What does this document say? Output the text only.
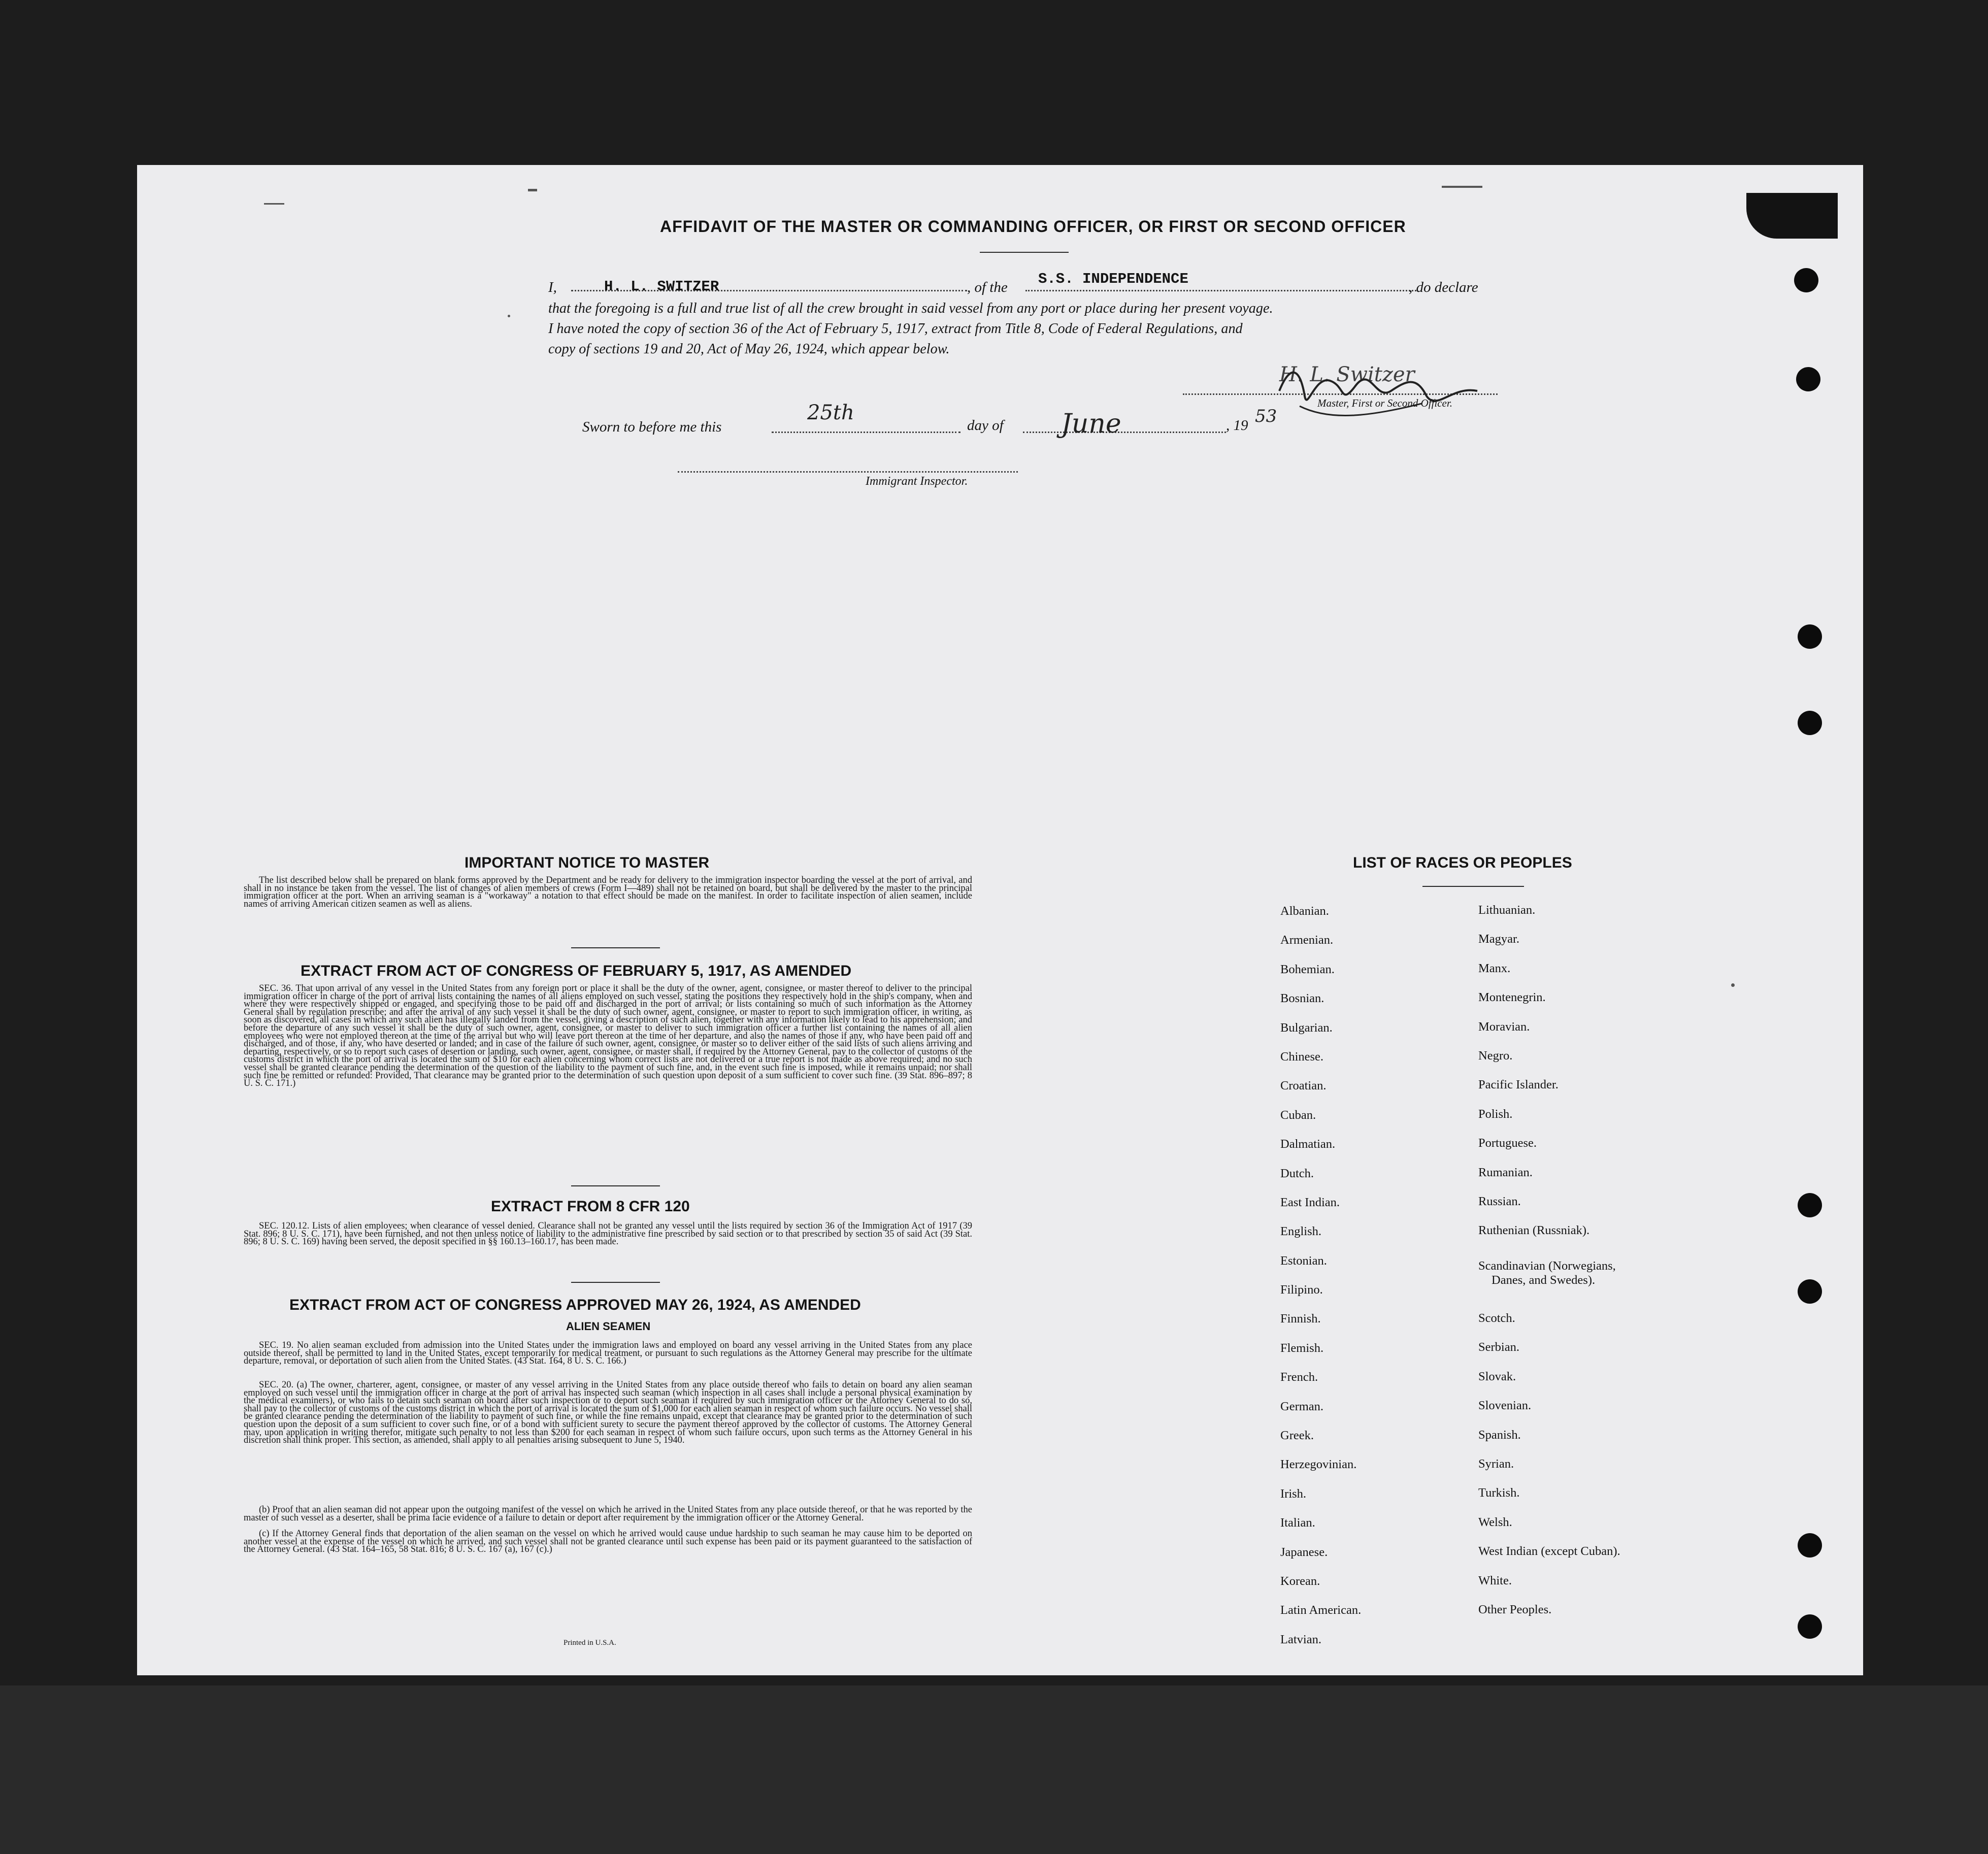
AFFIDAVIT OF THE MASTER OR COMMANDING OFFICER, OR FIRST OR SECOND OFFICER
I,	H. L. SWITZER	, of the S.S. INDEPENDENCE	, do declare
that the foregoing is a full and true list of all the crew brought in said vessel from any port or place during her present voyage.
I have noted the copy of section 36 of the Act of February 5, 1917, extract from Title 8, Code of Federal Regulations, and
copy of sections 19 and 20, Act of May 26, 1924, which appear below.
H. L. Switzer
Master, First or Second Officer.
Sworn to before me this
25th
day of June	, 19 53
Immigrant Inspector.
IMPORTANT NOTICE TO MASTER
The list described below shall be prepared on blank forms approved by the Department and be ready for delivery to the immigration inspector boarding the vessel at the port of arrival, and shall in no instance be taken from the vessel. The list of changes of alien members of crews (Form I—489) shall not be retained on board, but shall be delivered by the master to the principal immigration officer at the port. When an arriving seaman is a "workaway" a notation to that effect should be made on the manifest. In order to facilitate inspection of alien seamen, include names of arriving American citizen seamen as well as aliens.
EXTRACT FROM ACT OF CONGRESS OF FEBRUARY 5, 1917, AS AMENDED
SEC. 36. That upon arrival of any vessel in the United States from any foreign port or place it shall be the duty of the owner, agent, consignee, or master thereof to deliver to the principal immigration officer in charge of the port of arrival lists containing the names of all aliens employed on such vessel, stating the positions they respectively hold in the ship's company, when and where they were respectively shipped or engaged, and specifying those to be paid off and discharged in the port of arrival; or lists containing so much of such information as the Attorney General shall by regulation prescribe; and after the arrival of any such vessel it shall be the duty of such owner, agent, consignee, or master to report to such immigration officer, in writing, as soon as discovered, all cases in which any such alien has illegally landed from the vessel, giving a description of such alien, together with any information likely to lead to his apprehension; and before the departure of any such vessel it shall be the duty of such owner, agent, consignee, or master to deliver to such immigration officer a further list containing the names of all alien employees who were not employed thereon at the time of the arrival but who will leave port thereon at the time of her departure, and also the names of those if any, who have been paid off and discharged, and of those, if any, who have deserted or landed; and in case of the failure of such owner, agent, consignee, or master so to deliver either of the said lists of such aliens arriving and departing, respectively, or so to report such cases of desertion or landing, such owner, agent, consignee, or master shall, if required by the Attorney General, pay to the collector of customs of the customs district in which the port of arrival is located the sum of $10 for each alien concerning whom correct lists are not delivered or a true report is not made as above required; and no such vessel shall be granted clearance pending the determination of the question of the liability to the payment of such fine, and, in the event such fine is imposed, while it remains unpaid; nor shall such fine be remitted or refunded: Provided, That clearance may be granted prior to the determination of such question upon deposit of a sum sufficient to cover such fine. (39 Stat. 896–897; 8 U. S. C. 171.)
EXTRACT FROM 8 CFR 120
SEC. 120.12. Lists of alien employees; when clearance of vessel denied. Clearance shall not be granted any vessel until the lists required by section 36 of the Immigration Act of 1917 (39 Stat. 896; 8 U. S. C. 171), have been furnished, and not then unless notice of liability to the administrative fine prescribed by said section or to that prescribed by section 35 of said Act (39 Stat. 896; 8 U. S. C. 169) having been served, the deposit specified in §§ 160.13–160.17, has been made.
EXTRACT FROM ACT OF CONGRESS APPROVED MAY 26, 1924, AS AMENDED
ALIEN SEAMEN
SEC. 19. No alien seaman excluded from admission into the United States under the immigration laws and employed on board any vessel arriving in the United States from any place outside thereof, shall be permitted to land in the United States, except temporarily for medical treatment, or pursuant to such regulations as the Attorney General may prescribe for the ultimate departure, removal, or deportation of such alien from the United States. (43 Stat. 164, 8 U. S. C. 166.)
SEC. 20. (a) The owner, charterer, agent, consignee, or master of any vessel arriving in the United States from any place outside thereof who fails to detain on board any alien seaman employed on such vessel until the immigration officer in charge at the port of arrival has inspected such seaman (which inspection in all cases shall include a personal physical examination by the medical examiners), or who fails to detain such seaman on board after such inspection or to deport such seaman if required by such immigration officer or the Attorney General to do so, shall pay to the collector of customs of the customs district in which the port of arrival is located the sum of $1,000 for each alien seaman in respect of whom such failure occurs. No vessel shall be granted clearance pending the determination of the liability to payment of such fine, or while the fine remains unpaid, except that clearance may be granted prior to the determination of such question upon the deposit of a sum sufficient to cover such fine, or of a bond with sufficient surety to secure the payment thereof approved by the collector of customs. The Attorney General may, upon application in writing therefor, mitigate such penalty to not less than $200 for each seaman in respect of whom such failure occurs, upon such terms as the Attorney General in his discretion shall think proper. This section, as amended, shall apply to all penalties arising subsequent to June 5, 1940.
(b) Proof that an alien seaman did not appear upon the outgoing manifest of the vessel on which he arrived in the United States from any place outside thereof, or that he was reported by the master of such vessel as a deserter, shall be prima facie evidence of a failure to detain or deport after requirement by the immigration officer or the Attorney General.
(c) If the Attorney General finds that deportation of the alien seaman on the vessel on which he arrived would cause undue hardship to such seaman he may cause him to be deported on another vessel at the expense of the vessel on which he arrived, and such vessel shall not be granted clearance until such expense has been paid or its payment guaranteed to the satisfaction of the Attorney General. (43 Stat. 164–165, 58 Stat. 816; 8 U. S. C. 167 (a), 167 (c).)
Printed in U.S.A.
LIST OF RACES OR PEOPLES
Albanian.
Armenian.
Bohemian.
Bosnian.
Bulgarian.
Chinese.
Croatian.
Cuban.
Dalmatian.
Dutch.
East Indian.
English.
Estonian.
Filipino.
Finnish.
Flemish.
French.
German.
Greek.
Herzegovinian.
Irish.
Italian.
Japanese.
Korean.
Latin American.
Latvian.
Lithuanian.
Magyar.
Manx.
Montenegrin.
Moravian.
Negro.
Pacific Islander.
Polish.
Portuguese.
Rumanian.
Russian.
Ruthenian (Russniak).
Scandinavian (Norwegians,
Danes, and Swedes).
Scotch.
Serbian.
Slovak.
Slovenian.
Spanish.
Syrian.
Turkish.
Welsh.
West Indian (except Cuban).
White.
Other Peoples.
